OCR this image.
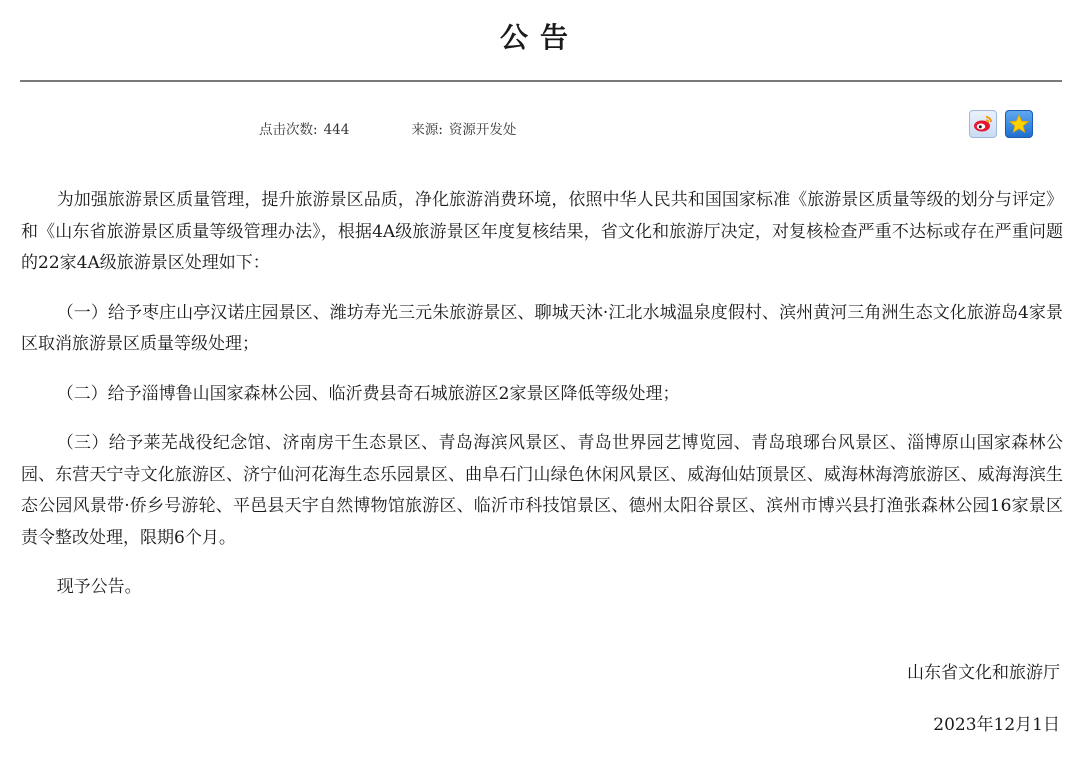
公告
点击次数: 444	来源: 资源开发处

为加强旅游景区质量管理，提升旅游景区品质，净化旅游消费环境，依照中华人民共和国国家标准《旅游景区质量等级的划分与评定》和《山东省旅游景区质量等级管理办法》，根据4A级旅游景区年度复核结果，省文化和旅游厅决定，对复核检查严重不达标或存在严重问题的22家4A级旅游景区处理如下：

（一）给予枣庄山亭汉诺庄园景区、潍坊寿光三元朱旅游景区、聊城天沐·江北水城温泉度假村、滨州黄河三角洲生态文化旅游岛4家景区取消旅游景区质量等级处理；

（二）给予淄博鲁山国家森林公园、临沂费县奇石城旅游区2家景区降低等级处理；

（三）给予莱芜战役纪念馆、济南房干生态景区、青岛海滨风景区、青岛世界园艺博览园、青岛琅琊台风景区、淄博原山国家森林公园、东营天宁寺文化旅游区、济宁仙河花海生态乐园景区、曲阜石门山绿色休闲风景区、威海仙姑顶景区、威海林海湾旅游区、威海海滨生态公园风景带·侨乡号游轮、平邑县天宇自然博物馆旅游区、临沂市科技馆景区、德州太阳谷景区、滨州市博兴县打渔张森林公园16家景区责令整改处理，限期6个月。

现予公告。

山东省文化和旅游厅
2023年12月1日
